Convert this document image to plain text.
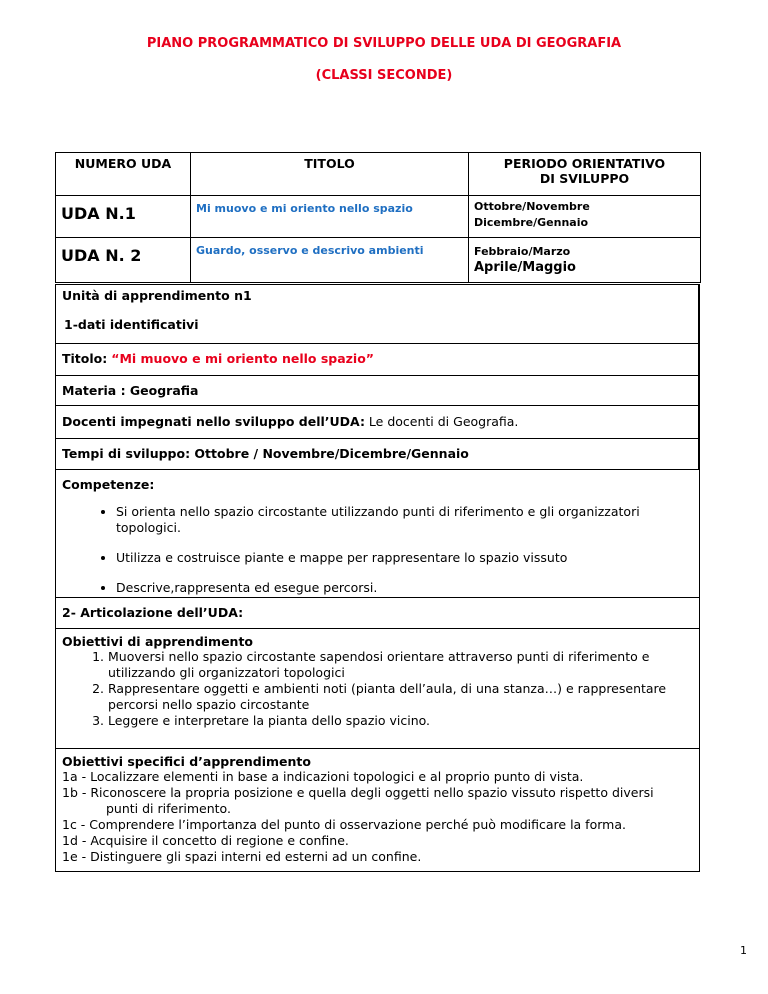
PIANO PROGRAMMATICO DI SVILUPPO DELLE UDA DI GEOGRAFIA
(CLASSI SECONDE)
NUMERO UDA	TITOLO	PERIODO ORIENTATIVO
DI SVILUPPO

UDA N.1	Mi muovo e mi oriento nello spazio	Ottobre/Novembre
Dicembre/Gennaio

UDA N. 2	Guardo, osservo e descrivo ambienti	Febbraio/Marzo
Aprile/Maggio
Unità di apprendimento n1
1-dati identificativi
Titolo: “Mi muovo e mi oriento nello spazio”
Materia : Geografia
Docenti impegnati nello sviluppo dell’UDA: Le docenti di Geografia.
Tempi di sviluppo: Ottobre / Novembre/Dicembre/Gennaio
Competenze:
• Si orienta nello spazio circostante utilizzando punti di riferimento e gli organizzatori topologici.
• Utilizza e costruisce piante e mappe per rappresentare lo spazio vissuto
• Descrive,rappresenta ed esegue percorsi.
2- Articolazione dell’UDA:
Obiettivi di apprendimento
1. Muoversi nello spazio circostante sapendosi orientare attraverso punti di riferimento e utilizzando gli organizzatori topologici
2. Rappresentare oggetti e ambienti noti (pianta dell’aula, di una stanza…) e rappresentare percorsi nello spazio circostante
3. Leggere e interpretare la pianta dello spazio vicino.
Obiettivi specifici d’apprendimento
1a - Localizzare elementi in base a indicazioni topologici e al proprio punto di vista.
1b - Riconoscere la propria posizione e quella degli oggetti nello spazio vissuto rispetto diversi
punti di riferimento.
1c - Comprendere l’importanza del punto di osservazione perché può modificare la forma.
1d - Acquisire il concetto di regione e confine.
1e - Distinguere gli spazi interni ed esterni ad un confine.
1
